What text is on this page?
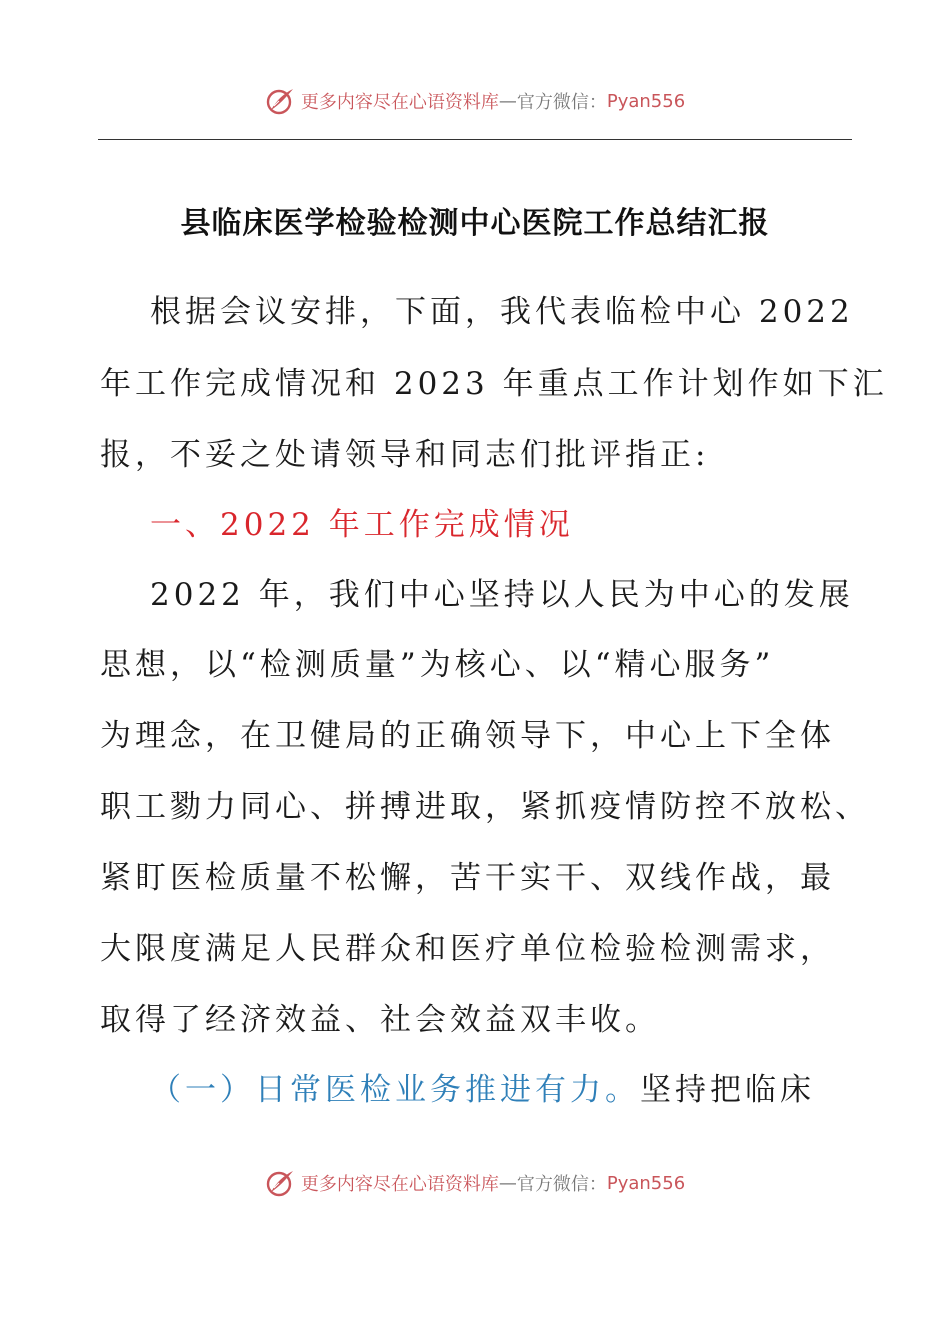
更多内容尽在心语资料库 — 官方微信： Pyan556
县临床医学检验检测中心医院工作总结汇报
根据会议安排，下面，我代表临检中心 2022
年工作完成情况和 2023 年重点工作计划作如下汇
报，不妥之处请领导和同志们批评指正:
一、2022 年工作完成情况
2022 年，我们中心坚持以人民为中心的发展
思想，以“检测质量”为核心、以“精心服务”
为理念，在卫健局的正确领导下，中心上下全体
职工勠力同心、拼搏进取，紧抓疫情防控不放松、
紧盯医检质量不松懈，苦干实干、双线作战，最
大限度满足人民群众和医疗单位检验检测需求，
取得了经济效益、社会效益双丰收。
（一）日常医检业务推进有力。坚持把临床
更多内容尽在心语资料库 — 官方微信： Pyan556
